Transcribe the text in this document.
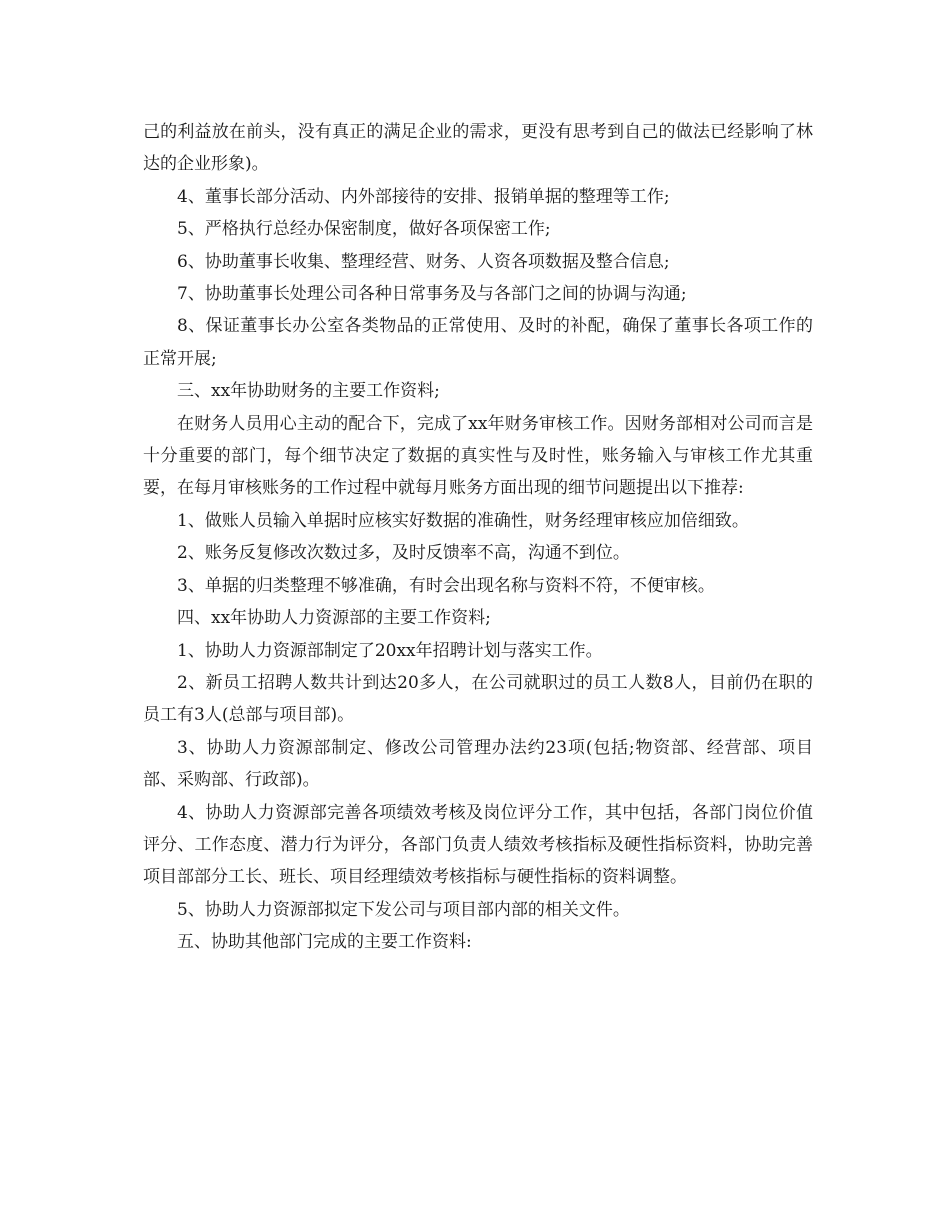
己的利益放在前头，没有真正的满足企业的需求，更没有思考到自己的做法已经影响了林达的企业形象)。

4、董事长部分活动、内外部接待的安排、报销单据的整理等工作;

5、严格执行总经办保密制度，做好各项保密工作;

6、协助董事长收集、整理经营、财务、人资各项数据及整合信息;

7、协助董事长处理公司各种日常事务及与各部门之间的协调与沟通;

8、保证董事长办公室各类物品的正常使用、及时的补配，确保了董事长各项工作的正常开展;

三、xx年协助财务的主要工作资料;

在财务人员用心主动的配合下，完成了xx年财务审核工作。因财务部相对公司而言是十分重要的部门，每个细节决定了数据的真实性与及时性，账务输入与审核工作尤其重要，在每月审核账务的工作过程中就每月账务方面出现的细节问题提出以下推荐:

1、做账人员输入单据时应核实好数据的准确性，财务经理审核应加倍细致。

2、账务反复修改次数过多，及时反馈率不高，沟通不到位。

3、单据的归类整理不够准确，有时会出现名称与资料不符，不便审核。

四、xx年协助人力资源部的主要工作资料;

1、协助人力资源部制定了20xx年招聘计划与落实工作。

2、新员工招聘人数共计到达20多人，在公司就职过的员工人数8人，目前仍在职的员工有3人(总部与项目部)。

3、协助人力资源部制定、修改公司管理办法约23项(包括;物资部、经营部、项目部、采购部、行政部)。

4、协助人力资源部完善各项绩效考核及岗位评分工作，其中包括，各部门岗位价值评分、工作态度、潜力行为评分，各部门负责人绩效考核指标及硬性指标资料，协助完善项目部部分工长、班长、项目经理绩效考核指标与硬性指标的资料调整。

5、协助人力资源部拟定下发公司与项目部内部的相关文件。

五、协助其他部门完成的主要工作资料:
